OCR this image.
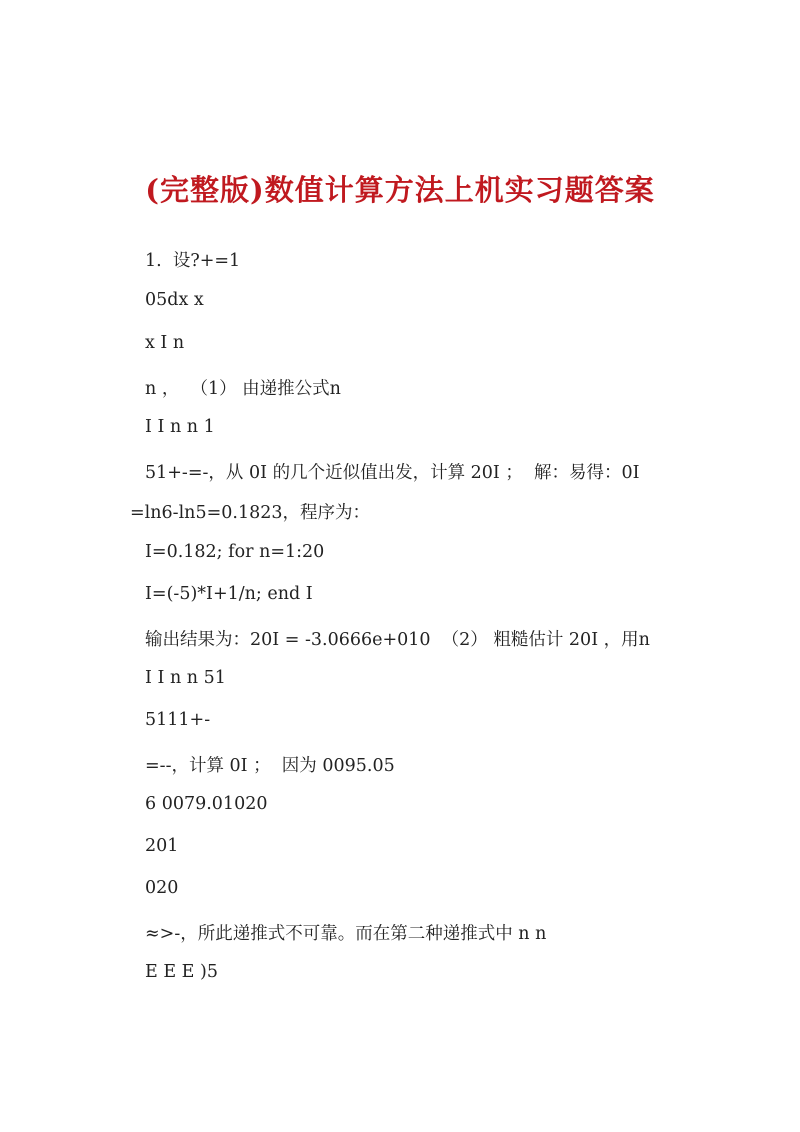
(完整版)数值计算方法上机实习题答案
1.  设?+=1
05dx x
x I n
n ，  （1） 由递推公式n
I I n n 1
51+-=-，从 0I 的几个近似值出发，计算 20I ；  解：易得：0I
=ln6-ln5=0.1823，程序为：
I=0.182; for n=1:20
I=(-5)*I+1/n; end I
输出结果为：20I = -3.0666e+010  （2） 粗糙估计 20I ，用n
I I n n 51
5111+-
=--，计算 0I ；  因为 0095.05
6 0079.01020
201
020
≈>-，所此递推式不可靠。而在第二种递推式中 n n
E E E )5
